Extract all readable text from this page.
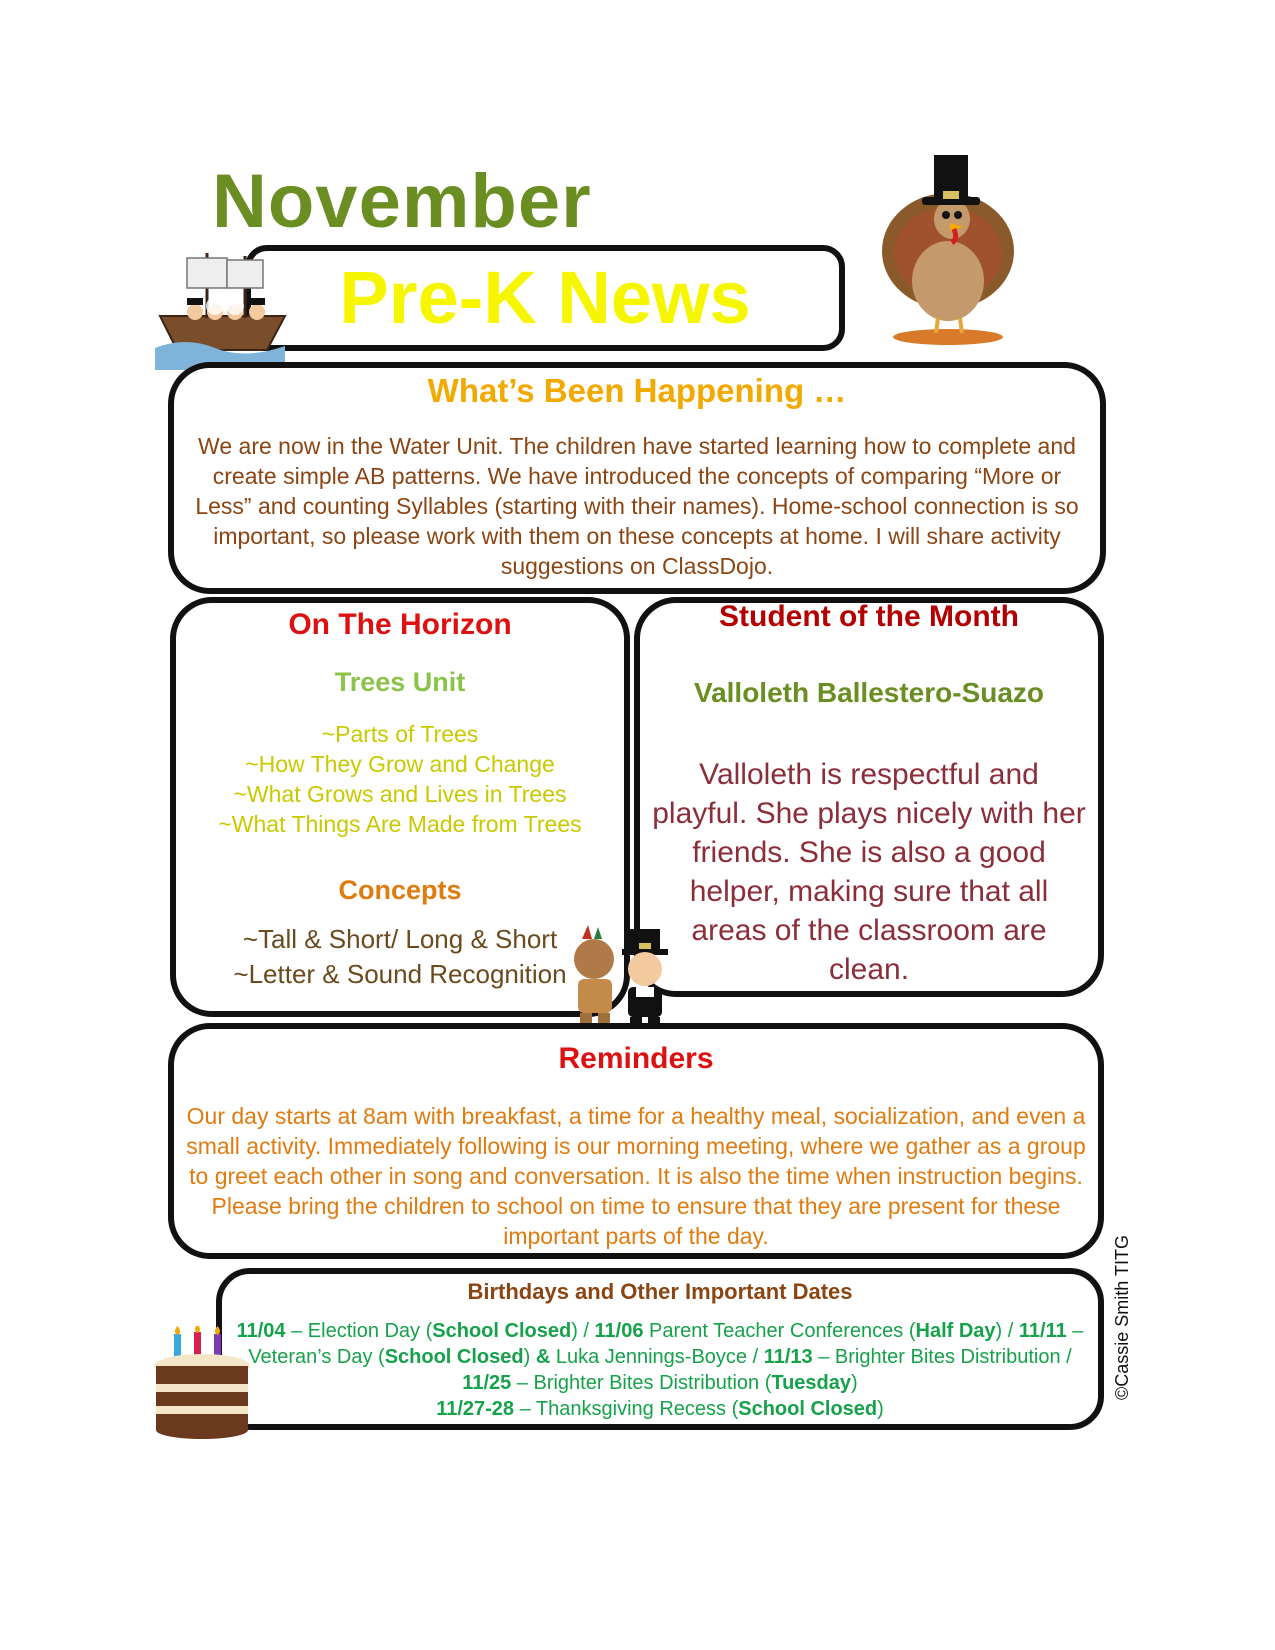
November
Pre-K News
What’s Been Happening …
We are now in the Water Unit. The children have started learning how to complete and create simple AB patterns. We have introduced the concepts of comparing “More or Less” and counting Syllables (starting with their names). Home-school connection is so important, so please work with them on these concepts at home. I will share activity suggestions on ClassDojo.
On The Horizon
Trees Unit
~Parts of Trees
~How They Grow and Change
~What Grows and Lives in Trees
~What Things Are Made from Trees
Concepts
~Tall & Short/ Long & Short
~Letter & Sound Recognition
Student of the Month
Valloleth Ballestero-Suazo
Valloleth is respectful and playful. She plays nicely with her friends. She is also a good helper, making sure that all areas of the classroom are clean.
Reminders
Our day starts at 8am with breakfast, a time for a healthy meal, socialization, and even a small activity. Immediately following is our morning meeting, where we gather as a group to greet each other in song and conversation. It is also the time when instruction begins. Please bring the children to school on time to ensure that they are present for these important parts of the day.
Birthdays and Other Important Dates
11/04 – Election Day (School Closed) / 11/06 Parent Teacher Conferences (Half Day) / 11/11 – Veteran’s Day (School Closed) & Luka Jennings-Boyce / 11/13 – Brighter Bites Distribution / 11/25 – Brighter Bites Distribution (Tuesday)
11/27-28 – Thanksgiving Recess (School Closed)
©Cassie Smith TITG
